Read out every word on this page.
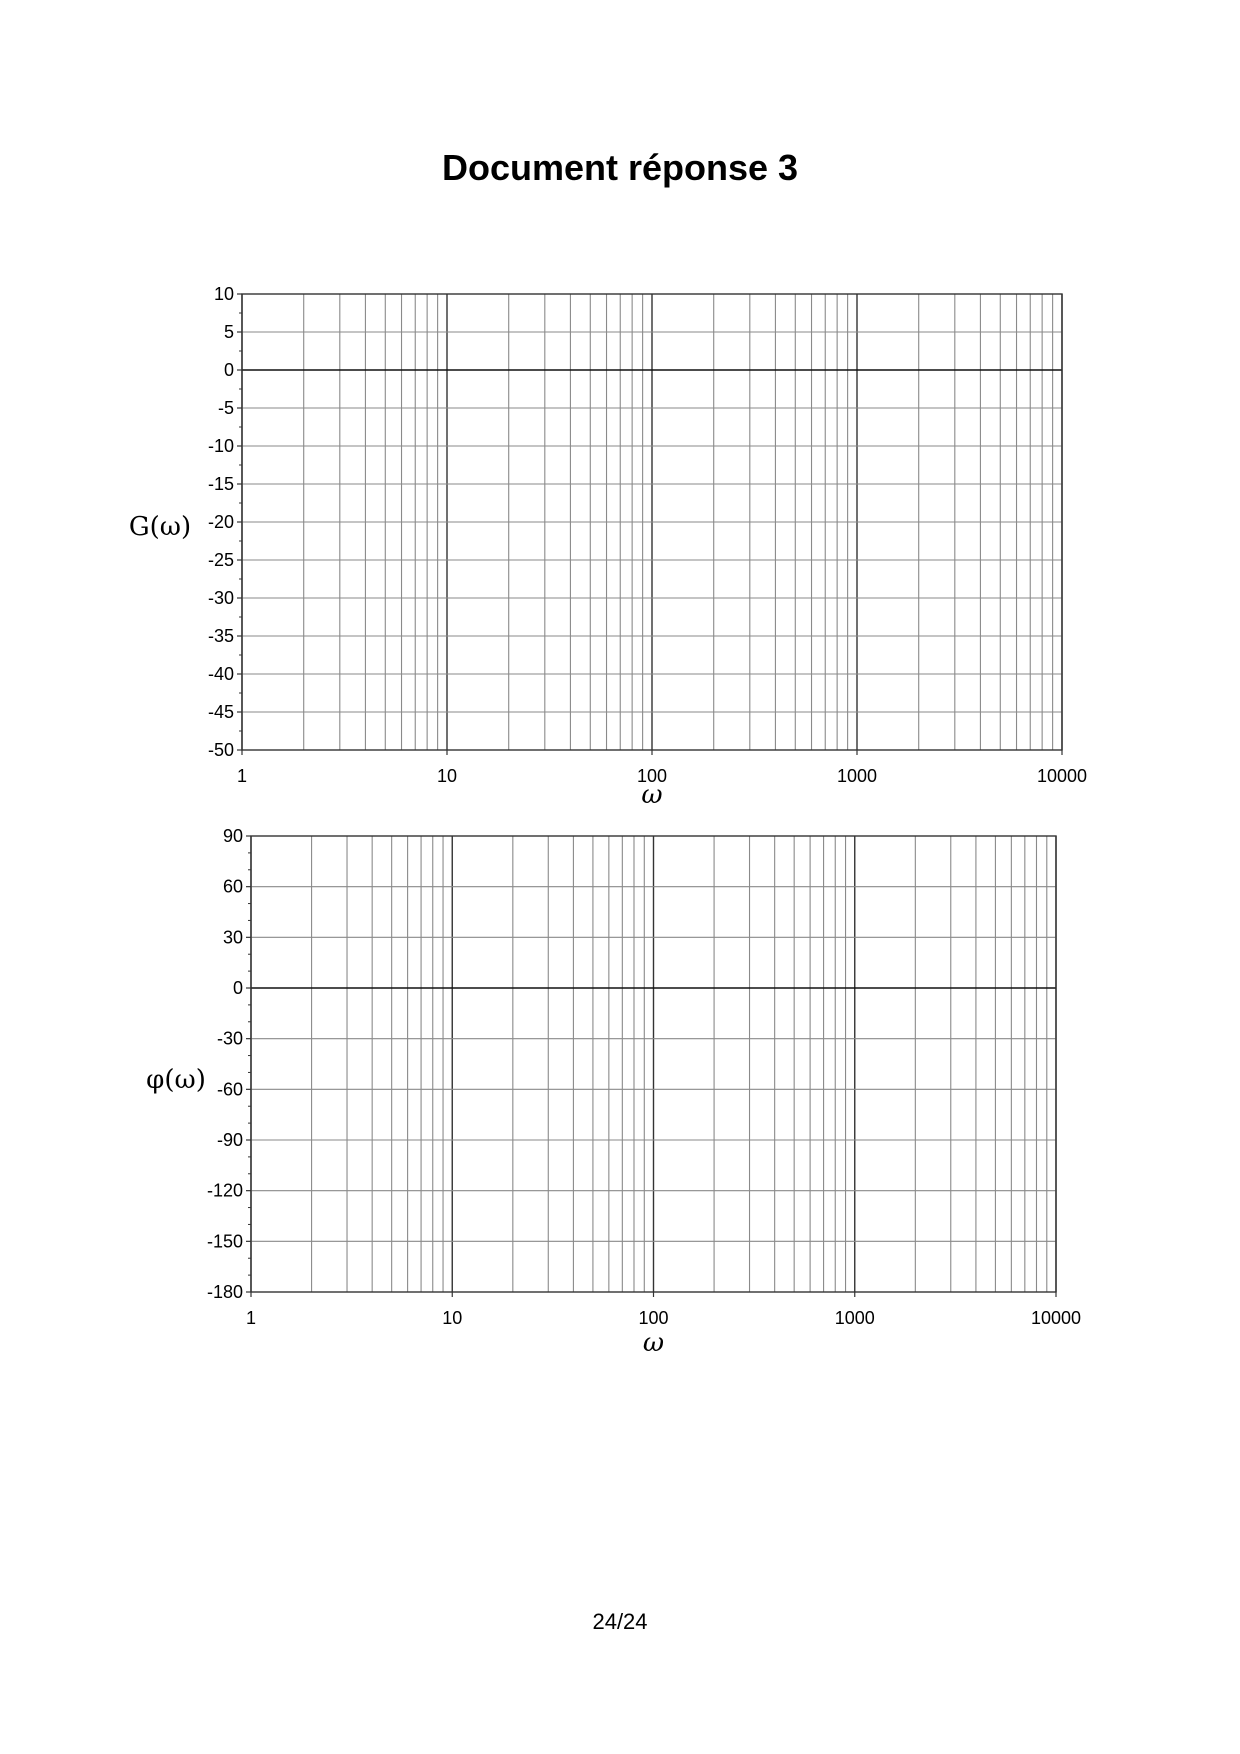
Document réponse 3
10
5
0
-5
-10
-15
-20
-25
-30
-35
-40
-45
-50
1	10	100	1000	10000
G(ω)
ω
90
60
30
0
-30
-60
-90
-120
-150
-180
1	10	100	1000	10000
φ(ω)
ω
24/24
